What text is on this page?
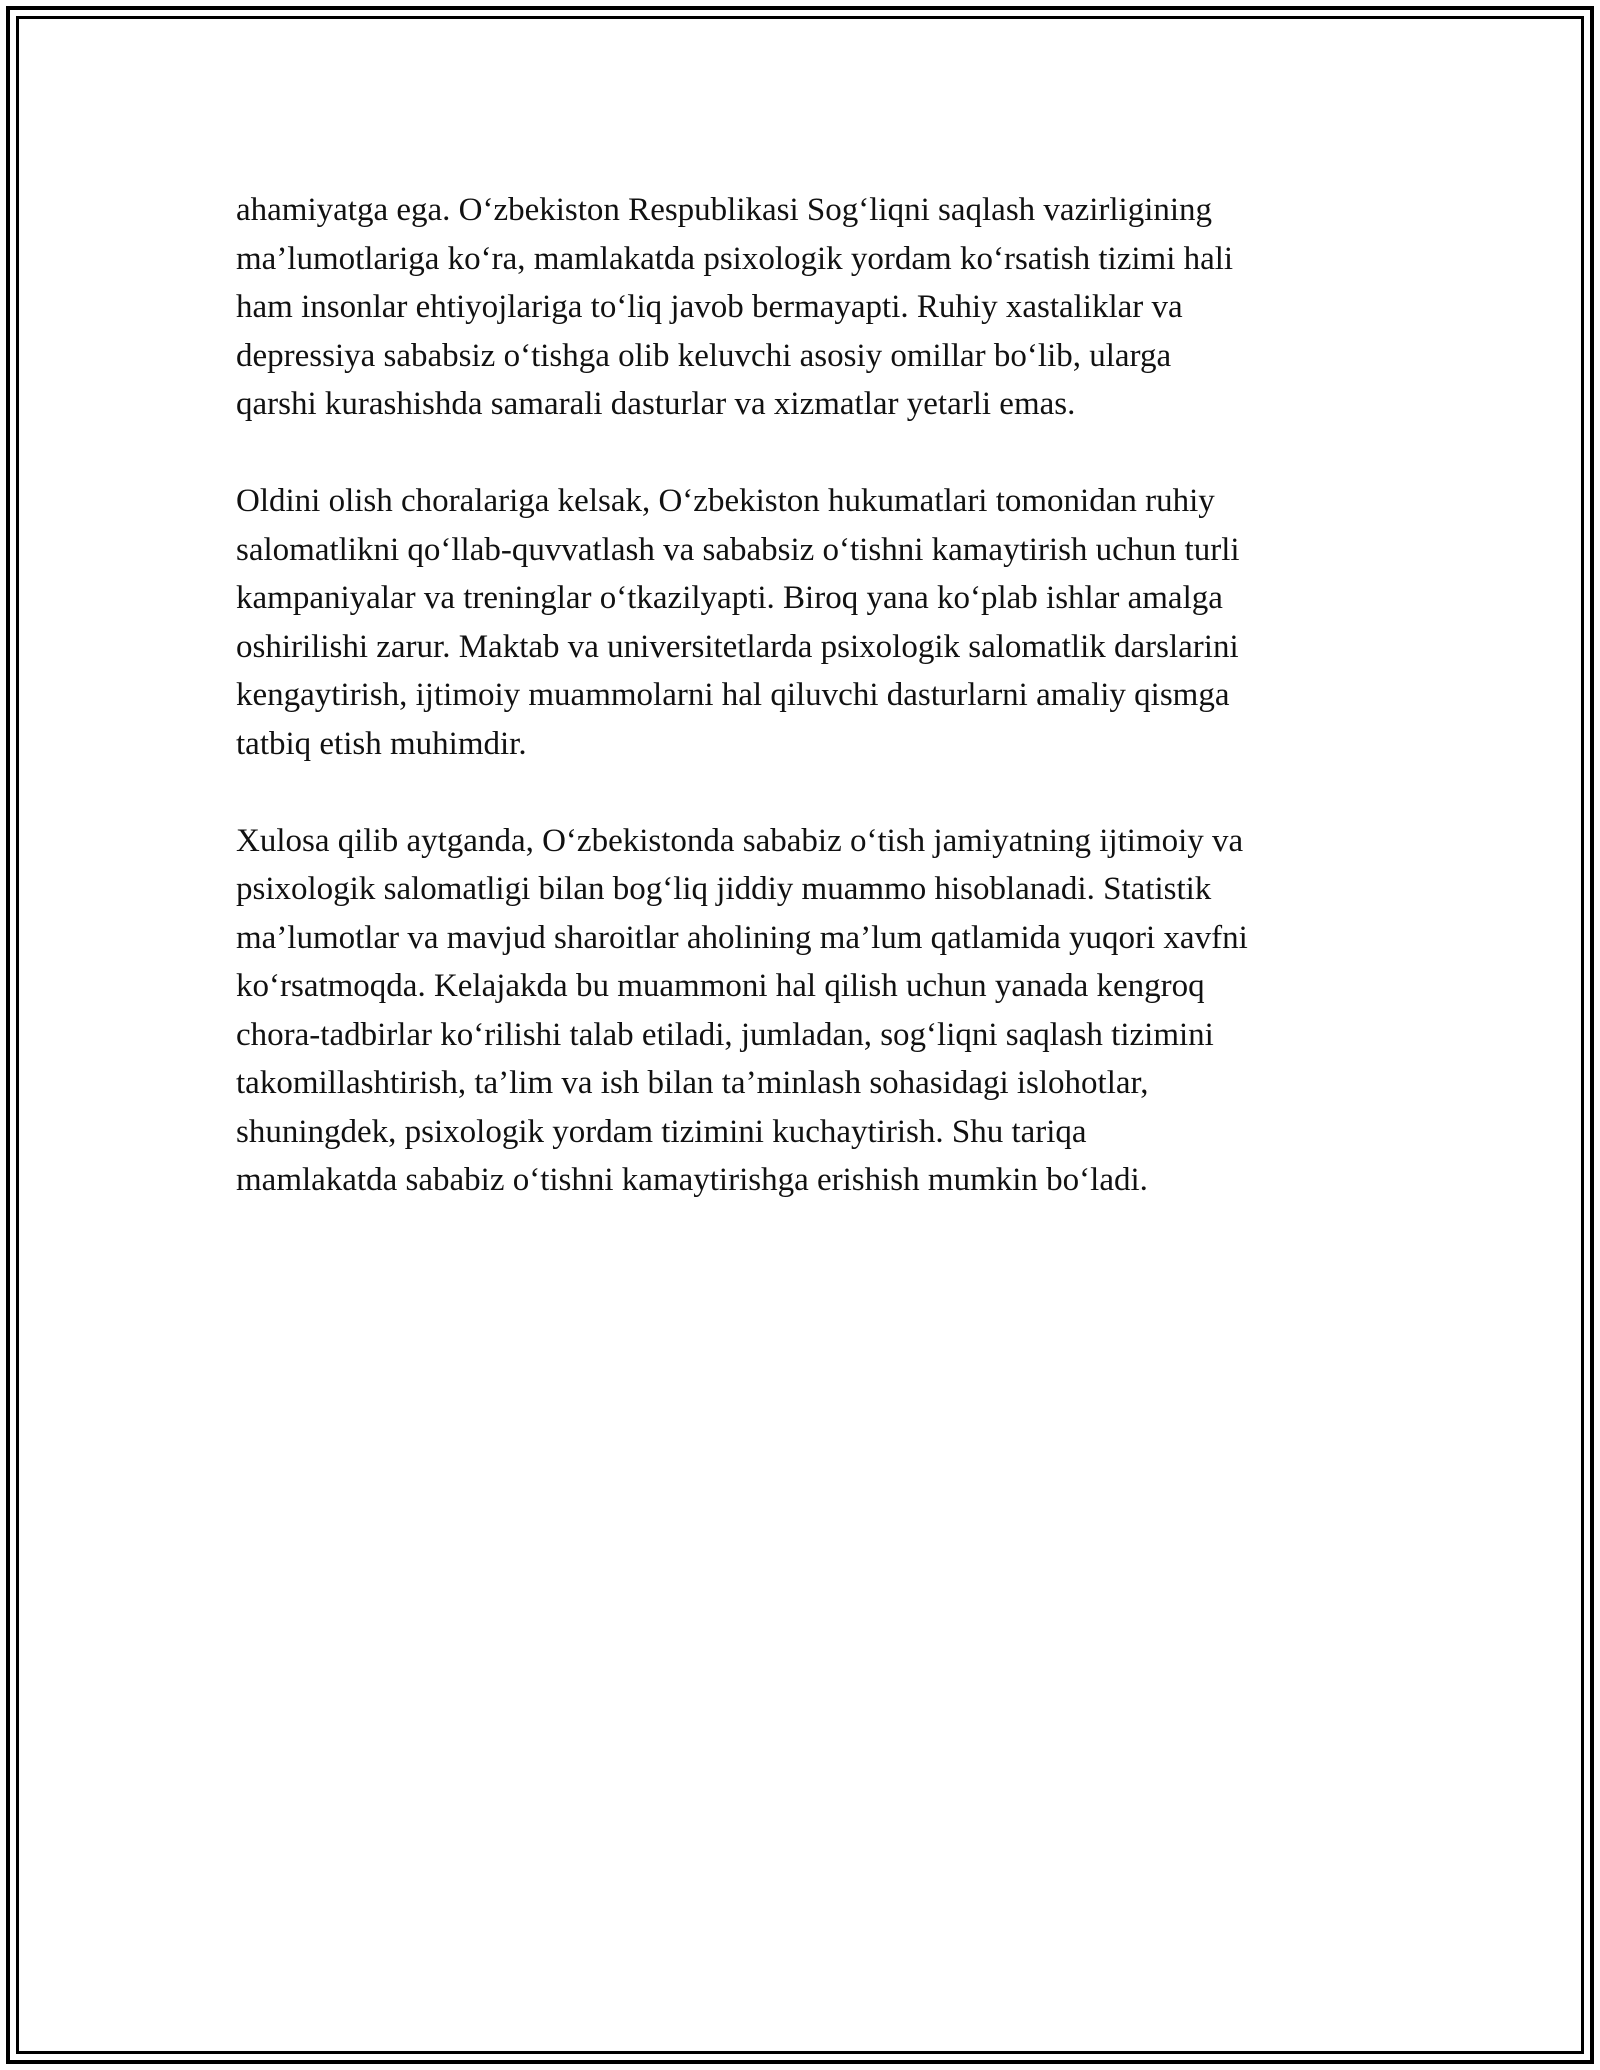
ahamiyatga ega. O‘zbekiston Respublikasi Sog‘liqni saqlash vazirligining
ma’lumotlariga ko‘ra, mamlakatda psixologik yordam ko‘rsatish tizimi hali
ham insonlar ehtiyojlariga to‘liq javob bermayapti. Ruhiy xastaliklar va
depressiya sababsiz o‘tishga olib keluvchi asosiy omillar bo‘lib, ularga
qarshi kurashishda samarali dasturlar va xizmatlar yetarli emas.

Oldini olish choralariga kelsak, O‘zbekiston hukumatlari tomonidan ruhiy
salomatlikni qo‘llab-quvvatlash va sababsiz o‘tishni kamaytirish uchun turli
kampaniyalar va treninglar o‘tkazilyapti. Biroq yana ko‘plab ishlar amalga
oshirilishi zarur. Maktab va universitetlarda psixologik salomatlik darslarini
kengaytirish, ijtimoiy muammolarni hal qiluvchi dasturlarni amaliy qismga
tatbiq etish muhimdir.

Xulosa qilib aytganda, O‘zbekistonda sababiz o‘tish jamiyatning ijtimoiy va
psixologik salomatligi bilan bog‘liq jiddiy muammo hisoblanadi. Statistik
ma’lumotlar va mavjud sharoitlar aholining ma’lum qatlamida yuqori xavfni
ko‘rsatmoqda. Kelajakda bu muammoni hal qilish uchun yanada kengroq
chora-tadbirlar ko‘rilishi talab etiladi, jumladan, sog‘liqni saqlash tizimini
takomillashtirish, ta’lim va ish bilan ta’minlash sohasidagi islohotlar,
shuningdek, psixologik yordam tizimini kuchaytirish. Shu tariqa
mamlakatda sababiz o‘tishni kamaytirishga erishish mumkin bo‘ladi.
